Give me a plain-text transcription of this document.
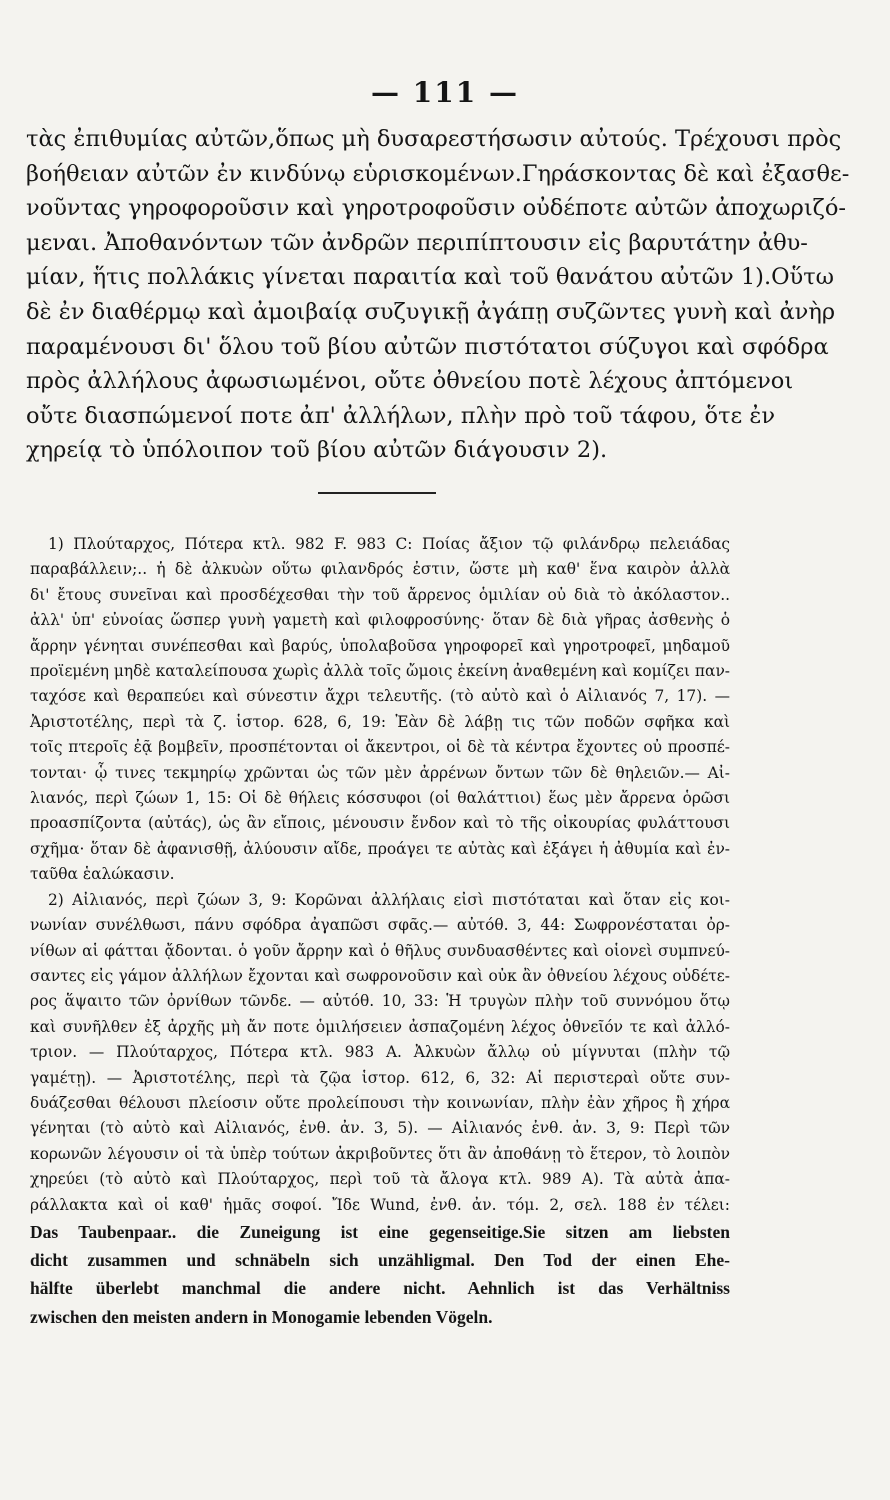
— 111 —
τὰς ἐπιθυμίας αὐτῶν,ὅπως μὴ δυσαρεστήσωσιν αὐτούς. Τρέχουσι πρὸς
βοήθειαν αὐτῶν ἐν κινδύνῳ εὑρισκομένων.Γηράσκοντας δὲ καὶ ἐξασθε-
νοῦντας γηροφοροῦσιν καὶ γηροτροφοῦσιν οὐδέποτε αὐτῶν ἀποχωριζό-
μεναι. Ἀποθανόντων τῶν ἀνδρῶν περιπίπτουσιν εἰς βαρυτάτην ἀθυ-
μίαν, ἥτις πολλάκις γίνεται παραιτία καὶ τοῦ θανάτου αὐτῶν 1).Οὕτω
δὲ ἐν διαθέρμῳ καὶ ἀμοιβαίᾳ συζυγικῇ ἀγάπῃ συζῶντες γυνὴ καὶ ἀνὴρ
παραμένουσι δι' ὅλου τοῦ βίου αὐτῶν πιστότατοι σύζυγοι καὶ σφόδρα
πρὸς ἀλλήλους ἀφωσιωμένοι, οὔτε ὀθνείου ποτὲ λέχους ἀπτόμενοι
οὔτε διασπώμενοί ποτε ἀπ' ἀλλήλων, πλὴν πρὸ τοῦ τάφου, ὅτε ἐν
χηρείᾳ τὸ ὑπόλοιπον τοῦ βίου αὐτῶν διάγουσιν 2).
1) Πλούταρχος, Πότερα κτλ. 982 F. 983 C: Ποίας ἄξιον τῷ φιλάνδρῳ πελειάδας
παραβάλλειν;.. ἡ δὲ ἀλκυὼν οὕτω φιλανδρός ἐστιν, ὥστε μὴ καθ' ἕνα καιρὸν ἀλλὰ
δι' ἔτους συνεῖναι καὶ προσδέχεσθαι τὴν τοῦ ἄρρενος ὁμιλίαν οὐ διὰ τὸ ἀκόλαστον..
ἀλλ' ὑπ' εὐνοίας ὥσπερ γυνὴ γαμετὴ καὶ φιλοφροσύνης· ὅταν δὲ διὰ γῆρας ἀσθενὴς ὁ
ἄρρην γένηται συνέπεσθαι καὶ βαρύς, ὑπολαβοῦσα γηροφορεῖ καὶ γηροτροφεῖ, μηδαμοῦ
προϊεμένη μηδὲ καταλείπουσα χωρὶς ἀλλὰ τοῖς ὤμοις ἐκείνη ἀναθεμένη καὶ κομίζει παν-
ταχόσε καὶ θεραπεύει καὶ σύνεστιν ἄχρι τελευτῆς. (τὸ αὐτὸ καὶ ὁ Αἰλιανός 7, 17). —
Ἀριστοτέλης, περὶ τὰ ζ. ἱστορ. 628, 6, 19: Ἐὰν δὲ λάβῃ τις τῶν ποδῶν σφῆκα καὶ
τοῖς πτεροῖς ἐᾷ βομβεῖν, προσπέτονται οἱ ἄκεντροι, οἱ δὲ τὰ κέντρα ἔχοντες οὐ προσπέ-
τονται· ᾧ τινες τεκμηρίῳ χρῶνται ὡς τῶν μὲν ἀρρένων ὄντων τῶν δὲ θηλειῶν.— Αἰ-
λιανός, περὶ ζώων 1, 15: Οἱ δὲ θήλεις κόσσυφοι (οἱ θαλάττιοι) ἕως μὲν ἄρρενα ὁρῶσι
προασπίζοντα (αὐτάς), ὡς ἂν εἴποις, μένουσιν ἔνδον καὶ τὸ τῆς οἰκουρίας φυλάττουσι
σχῆμα· ὅταν δὲ ἀφανισθῇ, ἀλύουσιν αἴδε, προάγει τε αὐτὰς καὶ ἐξάγει ἡ ἀθυμία καὶ ἐν-
ταῦθα ἑαλώκασιν.
2) Αἰλιανός, περὶ ζώων 3, 9: Κορῶναι ἀλλήλαις εἰσὶ πιστόταται καὶ ὅταν εἰς κοι-
νωνίαν συνέλθωσι, πάνυ σφόδρα ἀγαπῶσι σφᾶς.— αὐτόθ. 3, 44: Σωφρονέσταται ὀρ-
νίθων αἱ φάτται ᾄδονται. ὁ γοῦν ἄρρην καὶ ὁ θῆλυς συνδυασθέντες καὶ οἱονεὶ συμπνεύ-
σαντες εἰς γάμον ἀλλήλων ἔχονται καὶ σωφρονοῦσιν καὶ οὐκ ἂν ὀθνείου λέχους οὐδέτε-
ρος ἅψαιτο τῶν ὀρνίθων τῶνδε. — αὐτόθ. 10, 33: Ἡ τρυγὼν πλὴν τοῦ συννόμου ὅτῳ
καὶ συνῆλθεν ἐξ ἀρχῆς μὴ ἄν ποτε ὁμιλήσειεν ἀσπαζομένη λέχος ὀθνεῖόν τε καὶ ἀλλό-
τριον. — Πλούταρχος, Πότερα κτλ. 983 A. Ἀλκυὼν ἄλλῳ οὐ μίγνυται (πλὴν τῷ
γαμέτῃ). — Ἀριστοτέλης, περὶ τὰ ζῷα ἱστορ. 612, 6, 32: Αἱ περιστεραὶ οὔτε συν-
δυάζεσθαι θέλουσι πλείοσιν οὔτε προλείπουσι τὴν κοινωνίαν, πλὴν ἐὰν χῆρος ἢ χήρα
γένηται (τὸ αὐτὸ καὶ Αἰλιανός, ἐνθ. ἀν. 3, 5). — Αἰλιανός ἐνθ. ἀν. 3, 9: Περὶ τῶν
κορωνῶν λέγουσιν οἱ τὰ ὑπὲρ τούτων ἀκριβοῦντες ὅτι ἂν ἀποθάνῃ τὸ ἕτερον, τὸ λοιπὸν
χηρεύει (τὸ αὐτὸ καὶ Πλούταρχος, περὶ τοῦ τὰ ἄλογα κτλ. 989 A). Τὰ αὐτὰ ἀπα-
ράλλακτα καὶ οἱ καθ' ἡμᾶς σοφοί. Ἴδε Wund, ἐνθ. ἀν. τόμ. 2, σελ. 188 ἐν τέλει:
Das Taubenpaar.. die Zuneigung ist eine gegenseitige.Sie sitzen am liebsten
dicht zusammen und schnäbeln sich unzähligmal. Den Tod der einen Ehe-
hälfte überlebt manchmal die andere nicht. Aehnlich ist das Verhältniss
zwischen den meisten andern in Monogamie lebenden Vögeln.
